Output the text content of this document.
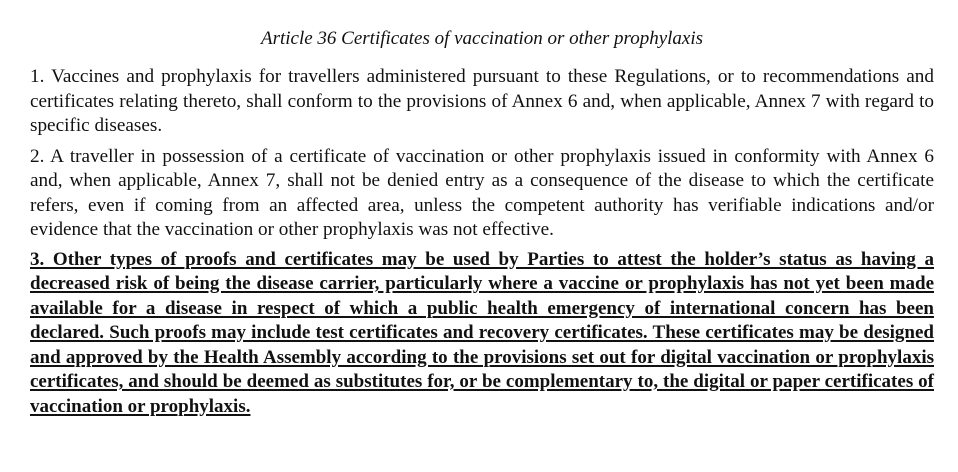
Article 36 Certificates of vaccination or other prophylaxis

1. Vaccines and prophylaxis for travellers administered pursuant to these Regulations, or to recommendations and certificates relating thereto, shall conform to the provisions of Annex 6 and, when applicable, Annex 7 with regard to specific diseases.

2. A traveller in possession of a certificate of vaccination or other prophylaxis issued in conformity with Annex 6 and, when applicable, Annex 7, shall not be denied entry as a consequence of the disease to which the certificate refers, even if coming from an affected area, unless the competent authority has verifiable indications and/or evidence that the vaccination or other prophylaxis was not effective.

3. Other types of proofs and certificates may be used by Parties to attest the holder’s status as having a decreased risk of being the disease carrier, particularly where a vaccine or prophylaxis has not yet been made available for a disease in respect of which a public health emergency of international concern has been declared. Such proofs may include test certificates and recovery certificates. These certificates may be designed and approved by the Health Assembly according to the provisions set out for digital vaccination or prophylaxis certificates, and should be deemed as substitutes for, or be complementary to, the digital or paper certificates of vaccination or prophylaxis.
